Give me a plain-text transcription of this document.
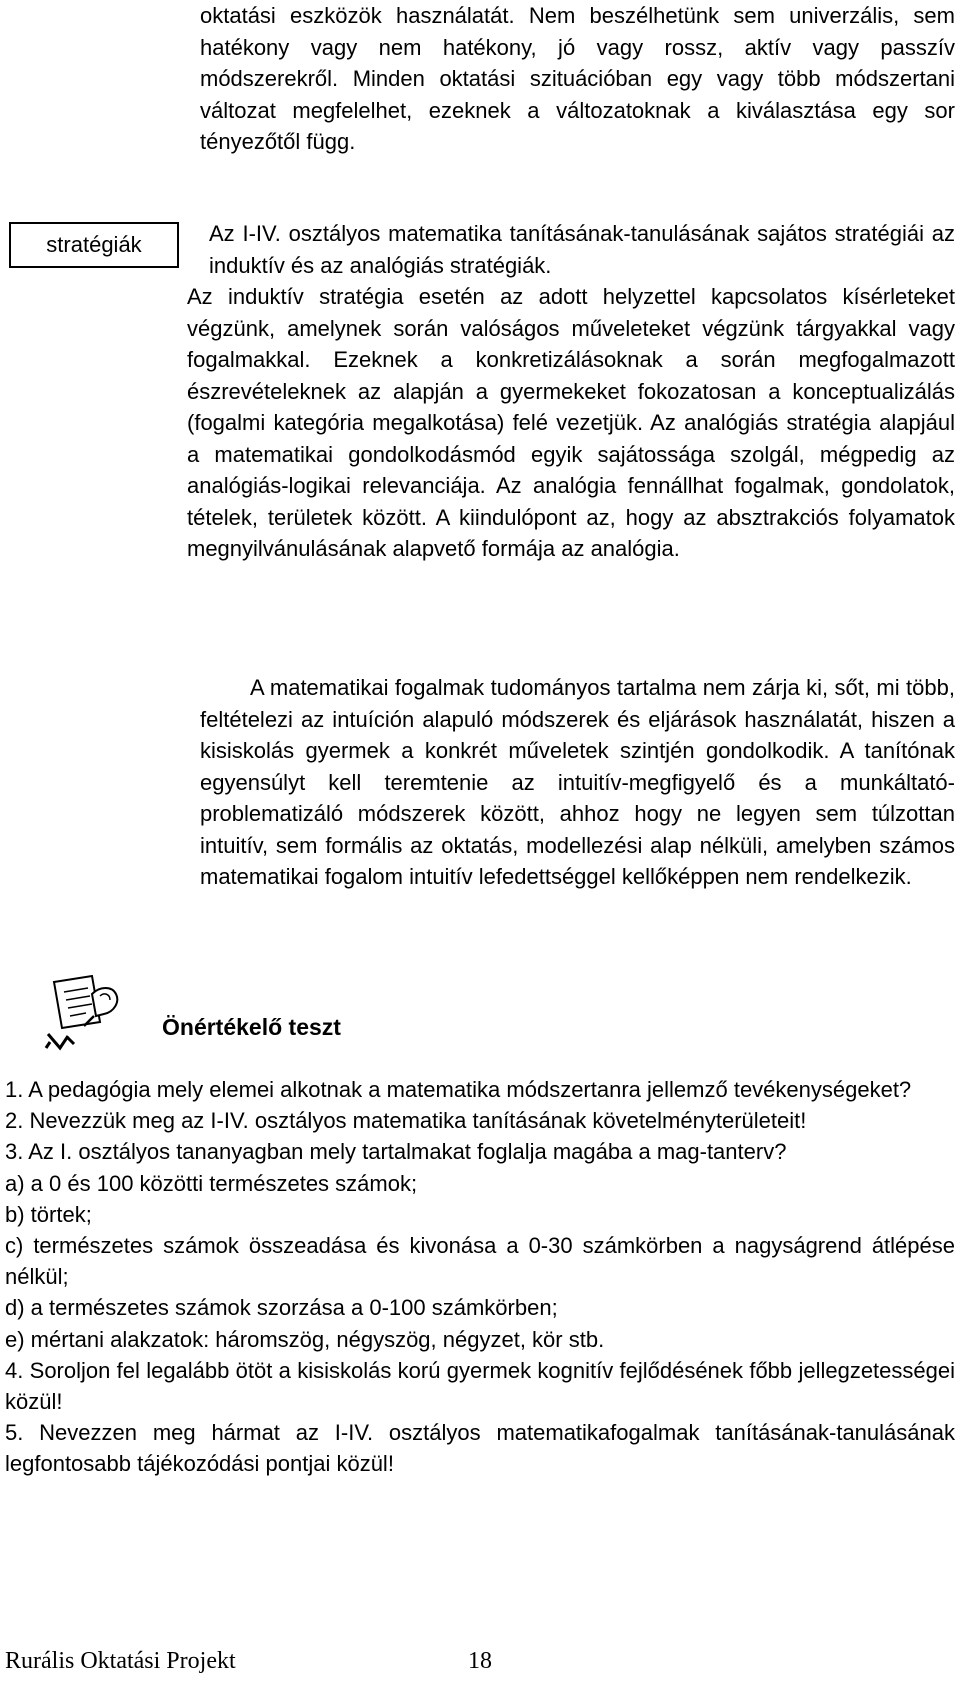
oktatási eszközök használatát. Nem beszélhetünk sem univerzális, sem hatékony vagy nem hatékony, jó vagy rossz, aktív vagy passzív módszerekről. Minden oktatási szituációban egy vagy több módszertani változat megfelelhet, ezeknek a változatoknak a kiválasztása egy sor tényezőtől függ.

stratégiák	Az I-IV. osztályos matematika tanításának-tanulásának sajátos stratégiái az induktív és az analógiás stratégiák.

Az induktív stratégia esetén az adott helyzettel kapcsolatos kísérleteket végzünk, amelynek során valóságos műveleteket végzünk tárgyakkal vagy fogalmakkal. Ezeknek a konkretizálásoknak a során megfogalmazott észrevételeknek az alapján a gyermekeket fokozatosan a konceptualizálás (fogalmi kategória megalkotása) felé vezetjük. Az analógiás stratégia alapjául a matematikai gondolkodásmód egyik sajátossága szolgál, mégpedig az analógiás-logikai relevanciája. Az analógia fennállhat fogalmak, gondolatok, tételek, területek között. A kiindulópont az, hogy az absztrakciós folyamatok megnyilvánulásának alapvető formája az analógia.

A matematikai fogalmak tudományos tartalma nem zárja ki, sőt, mi több, feltételezi az intuíción alapuló módszerek és eljárások használatát, hiszen a kisiskolás gyermek a konkrét műveletek szintjén gondolkodik. A tanítónak egyensúlyt kell teremtenie az intuitív-megfigyelő és a munkáltató-problematizáló módszerek között, ahhoz hogy ne legyen sem túlzottan intuitív, sem formális az oktatás, modellezési alap nélküli, amelyben számos matematikai fogalom intuitív lefedettséggel kellőképpen nem rendelkezik.

Önértékelő teszt

1. A pedagógia mely elemei alkotnak a matematika módszertanra jellemző tevékenységeket?

2. Nevezzük meg az I-IV. osztályos matematika tanításának követelményterületeit!

3. Az I. osztályos tananyagban mely tartalmakat foglalja magába a mag-tanterv?

a) a 0 és 100 közötti természetes számok;

b) törtek;

c) természetes számok összeadása és kivonása a 0-30 számkörben a nagyságrend átlépése nélkül;

d) a természetes számok szorzása a 0-100 számkörben;

e) mértani alakzatok: háromszög, négyszög, négyzet, kör stb.

4. Soroljon fel legalább ötöt a kisiskolás korú gyermek kognitív fejlődésének főbb jellegzetességei közül!

5. Nevezzen meg hármat az I-IV. osztályos matematikafogalmak tanításának-tanulásának legfontosabb tájékozódási pontjai közül!

Rurális Oktatási Projekt	18
